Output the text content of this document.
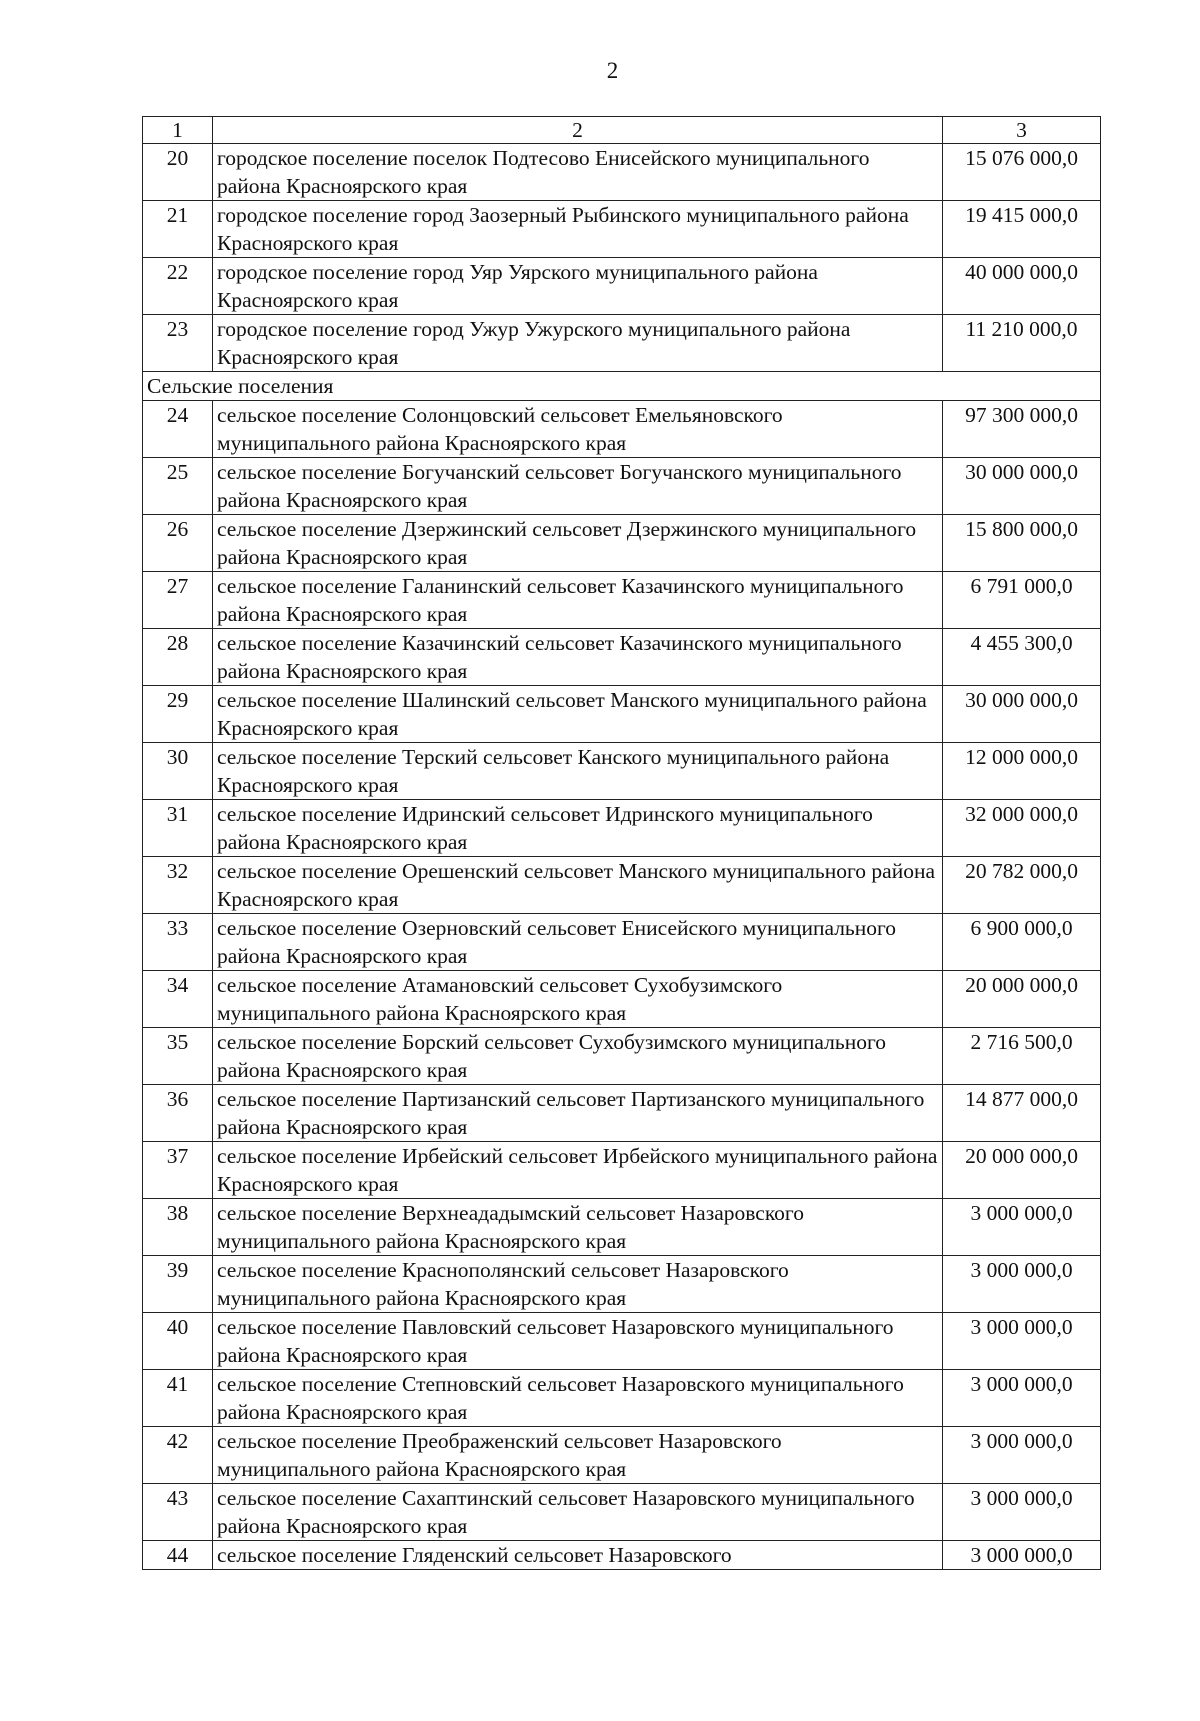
2
1	2	3
20	городское поселение поселок Подтесово Енисейского муниципального района Красноярского края	15 076 000,0
21	городское поселение город Заозерный Рыбинского муниципального района Красноярского края	19 415 000,0
22	городское поселение город Уяр Уярского муниципального района Красноярского края	40 000 000,0
23	городское поселение город Ужур Ужурского муниципального района Красноярского края	11 210 000,0
Сельские поселения		
24	сельское поселение Солонцовский сельсовет Емельяновского муниципального района Красноярского края	97 300 000,0
25	сельское поселение Богучанский сельсовет Богучанского муниципального района Красноярского края	30 000 000,0
26	сельское поселение Дзержинский сельсовет Дзержинского муниципального района Красноярского края	15 800 000,0
27	сельское поселение Галанинский сельсовет Казачинского муниципального района Красноярского края	6 791 000,0
28	сельское поселение Казачинский сельсовет Казачинского муниципального района Красноярского края	4 455 300,0
29	сельское поселение Шалинский сельсовет Манского муниципального района Красноярского края	30 000 000,0
30	сельское поселение Терский сельсовет Канского муниципального района Красноярского края	12 000 000,0
31	сельское поселение Идринский сельсовет Идринского муниципального района Красноярского края	32 000 000,0
32	сельское поселение Орешенский сельсовет Манского муниципального района Красноярского края	20 782 000,0
33	сельское поселение Озерновский сельсовет Енисейского муниципального района Красноярского края	6 900 000,0
34	сельское поселение Атамановский сельсовет Сухобузимского муниципального района Красноярского края	20 000 000,0
35	сельское поселение Борский сельсовет Сухобузимского муниципального района Красноярского края	2 716 500,0
36	сельское поселение Партизанский сельсовет Партизанского муниципального района Красноярского края	14 877 000,0
37	сельское поселение Ирбейский сельсовет Ирбейского муниципального района Красноярского края	20 000 000,0
38	сельское поселение Верхнеададымский сельсовет Назаровского муниципального района Красноярского края	3 000 000,0
39	сельское поселение Краснополянский сельсовет Назаровского муниципального района Красноярского края	3 000 000,0
40	сельское поселение Павловский сельсовет Назаровского муниципального района Красноярского края	3 000 000,0
41	сельское поселение Степновский сельсовет Назаровского муниципального района Красноярского края	3 000 000,0
42	сельское поселение Преображенский сельсовет Назаровского муниципального района Красноярского края	3 000 000,0
43	сельское поселение Сахаптинский сельсовет Назаровского муниципального района Красноярского края	3 000 000,0
44	сельское поселение Гляденский сельсовет Назаровского	3 000 000,0
